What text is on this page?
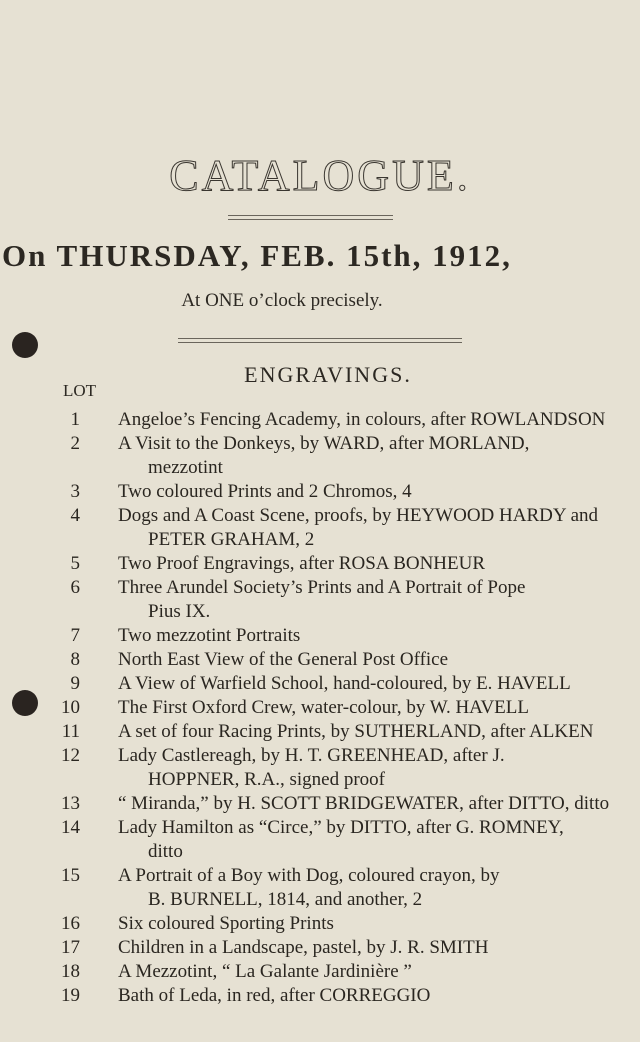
CATALOGUE.
On THURSDAY, FEB. 15th, 1912,
At ONE o’clock precisely.
ENGRAVINGS.
LOT
1 Angeloe’s Fencing Academy, in colours, after ROWLANDSON
2 A Visit to the Donkeys, by WARD, after MORLAND,
mezzotint
3 Two coloured Prints and 2 Chromos, 4
4 Dogs and A Coast Scene, proofs, by HEYWOOD HARDY and
PETER GRAHAM, 2
5 Two Proof Engravings, after ROSA BONHEUR
6 Three Arundel Society’s Prints and A Portrait of Pope
Pius IX.
7 Two mezzotint Portraits
8 North East View of the General Post Office
9 A View of Warfield School, hand-coloured, by E. HAVELL
10 The First Oxford Crew, water-colour, by W. HAVELL
11 A set of four Racing Prints, by SUTHERLAND, after ALKEN
12 Lady Castlereagh, by H. T. GREENHEAD, after J.
HOPPNER, R.A., signed proof
13 “ Miranda,” by H. SCOTT BRIDGEWATER, after DITTO, ditto
14 Lady Hamilton as “Circe,” by DITTO, after G. ROMNEY,
ditto
15 A Portrait of a Boy with Dog, coloured crayon, by
B. BURNELL, 1814, and another, 2
16 Six coloured Sporting Prints
17 Children in a Landscape, pastel, by J. R. SMITH
18 A Mezzotint, “ La Galante Jardinière ”
19 Bath of Leda, in red, after CORREGGIO
